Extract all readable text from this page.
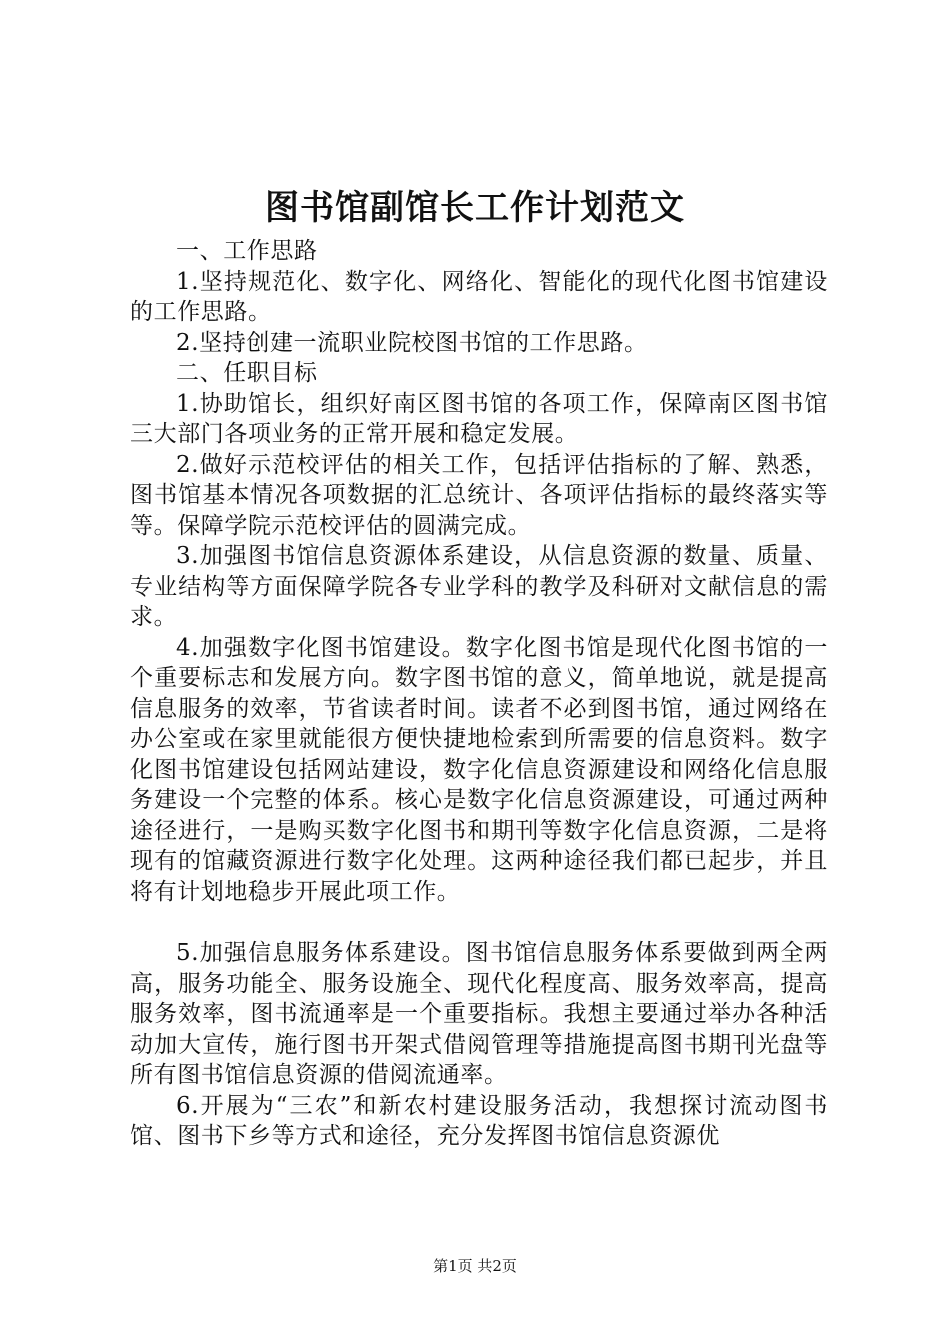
图书馆副馆长工作计划范文

一、工作思路

1.坚持规范化、数字化、网络化、智能化的现代化图书馆建设的工作思路。

2.坚持创建一流职业院校图书馆的工作思路。

二、任职目标

1.协助馆长，组织好南区图书馆的各项工作，保障南区图书馆三大部门各项业务的正常开展和稳定发展。

2.做好示范校评估的相关工作，包括评估指标的了解、熟悉，图书馆基本情况各项数据的汇总统计、各项评估指标的最终落实等等。保障学院示范校评估的圆满完成。

3.加强图书馆信息资源体系建设，从信息资源的数量、质量、专业结构等方面保障学院各专业学科的教学及科研对文献信息的需求。

4.加强数字化图书馆建设。数字化图书馆是现代化图书馆的一个重要标志和发展方向。数字图书馆的意义，简单地说，就是提高信息服务的效率，节省读者时间。读者不必到图书馆，通过网络在办公室或在家里就能很方便快捷地检索到所需要的信息资料。数字化图书馆建设包括网站建设，数字化信息资源建设和网络化信息服务建设一个完整的体系。核心是数字化信息资源建设，可通过两种途径进行，一是购买数字化图书和期刊等数字化信息资源，二是将现有的馆藏资源进行数字化处理。这两种途径我们都已起步，并且将有计划地稳步开展此项工作。

5.加强信息服务体系建设。图书馆信息服务体系要做到两全两高，服务功能全、服务设施全、现代化程度高、服务效率高，提高服务效率，图书流通率是一个重要指标。我想主要通过举办各种活动加大宣传，施行图书开架式借阅管理等措施提高图书期刊光盘等所有图书馆信息资源的借阅流通率。

6.开展为“三农”和新农村建设服务活动，我想探讨流动图书馆、图书下乡等方式和途径，充分发挥图书馆信息资源优

第1页 共2页
